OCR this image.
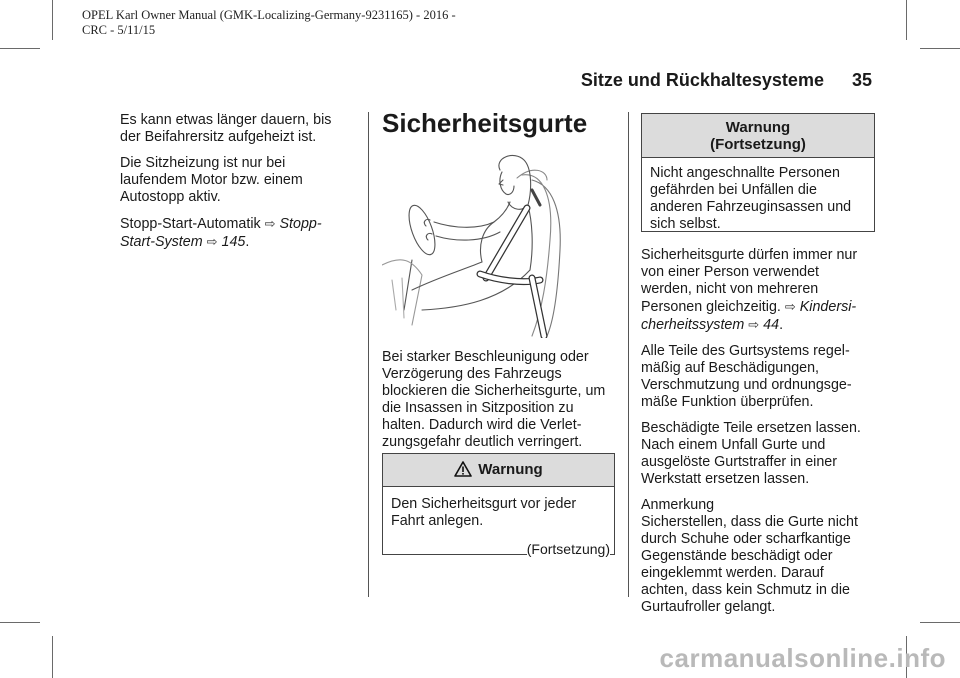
OPEL Karl Owner Manual (GMK-Localizing-Germany-9231165) - 2016 -
CRC - 5/11/15
Sitze und Rückhaltesysteme 35

Es kann etwas länger dauern, bis der Beifahrersitz aufgeheizt ist.

Die Sitzheizung ist nur bei laufendem Motor bzw. einem Autostopp aktiv.

Stopp-Start-Automatik ⇨ Stopp-Start-System ⇨ 145.

Sicherheitsgurte

Bei starker Beschleunigung oder Verzögerung des Fahrzeugs blockieren die Sicherheitsgurte, um die Insassen in Sitzposition zu halten. Dadurch wird die Verlet- zungsgefahr deutlich verringert.

Warnung
Den Sicherheitsgurt vor jeder Fahrt anlegen.
(Fortsetzung)
Warnung
(Fortsetzung)
Nicht angeschnallte Personen gefährden bei Unfällen die anderen Fahrzeuginsassen und sich selbst.

Sicherheitsgurte dürfen immer nur von einer Person verwendet werden, nicht von mehreren Personen gleichzeitig. ⇨ Kindersi- cherheitssystem ⇨ 44.

Alle Teile des Gurtsystems regel- mäßig auf Beschädigungen, Verschmutzung und ordnungsge- mäße Funktion überprüfen.

Beschädigte Teile ersetzen lassen. Nach einem Unfall Gurte und ausgelöste Gurtstraffer in einer Werkstatt ersetzen lassen.

Anmerkung

Sicherstellen, dass die Gurte nicht durch Schuhe oder scharfkantige Gegenstände beschädigt oder eingeklemmt werden. Darauf achten, dass kein Schmutz in die Gurtaufroller gelangt.

carmanualsonline.info
